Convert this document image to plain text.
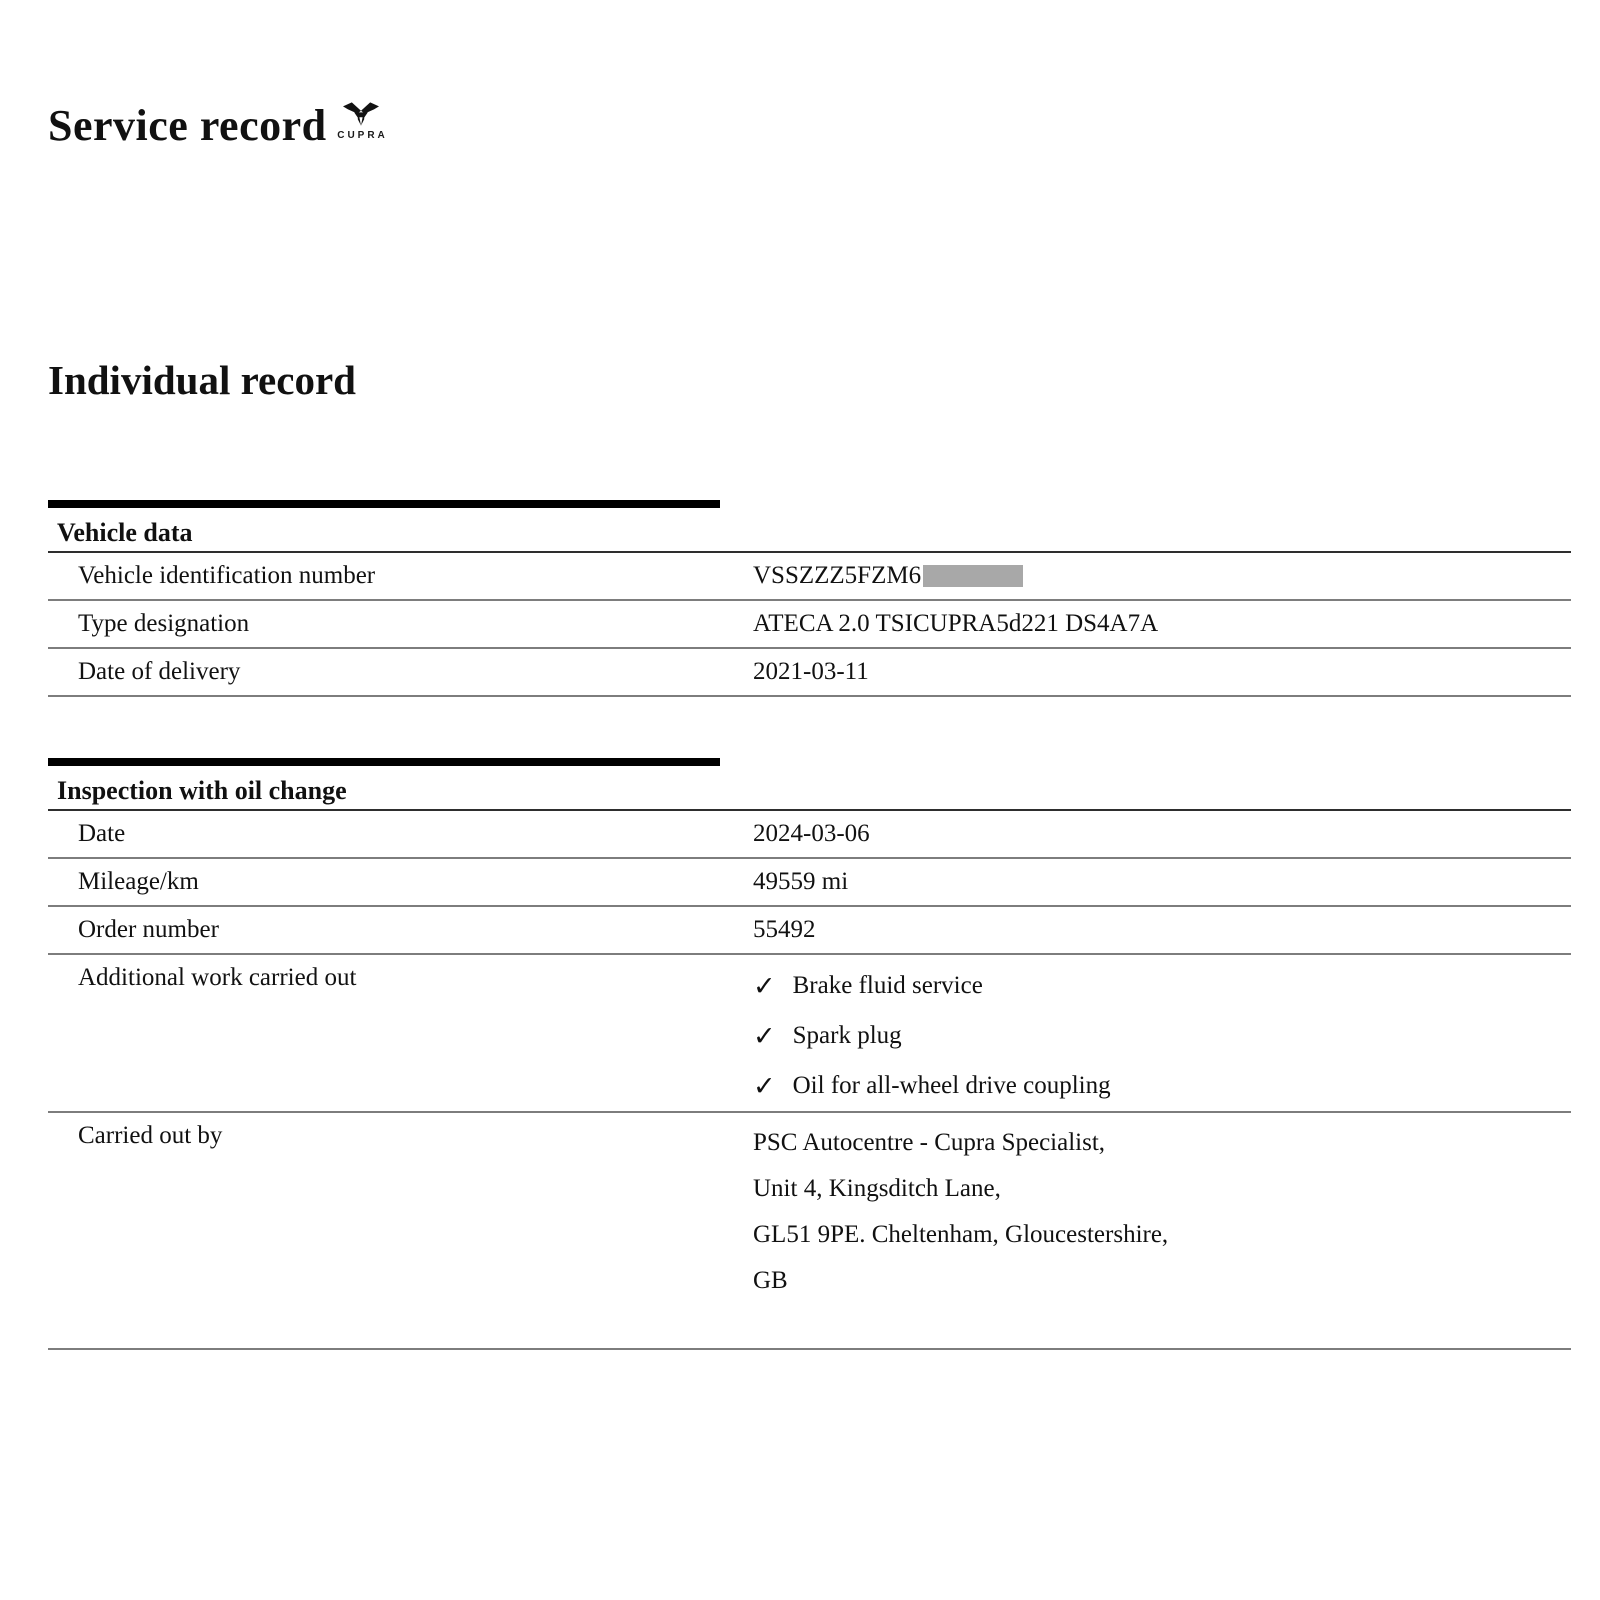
Service record	CUPRA
Individual record
Vehicle data
Vehicle identification number	VSSZZZ5FZM6
Type designation	ATECA 2.0 TSICUPRA5d221 DS4A7A
Date of delivery	2021-03-11
Inspection with oil change
Date	2024-03-06
Mileage/km	49559 mi
Order number	55492
Additional work carried out	✓ Brake fluid service
✓ Spark plug
✓ Oil for all-wheel drive coupling
Carried out by	PSC Autocentre - Cupra Specialist,
Unit 4, Kingsditch Lane,
GL51 9PE. Cheltenham, Gloucestershire,
GB
